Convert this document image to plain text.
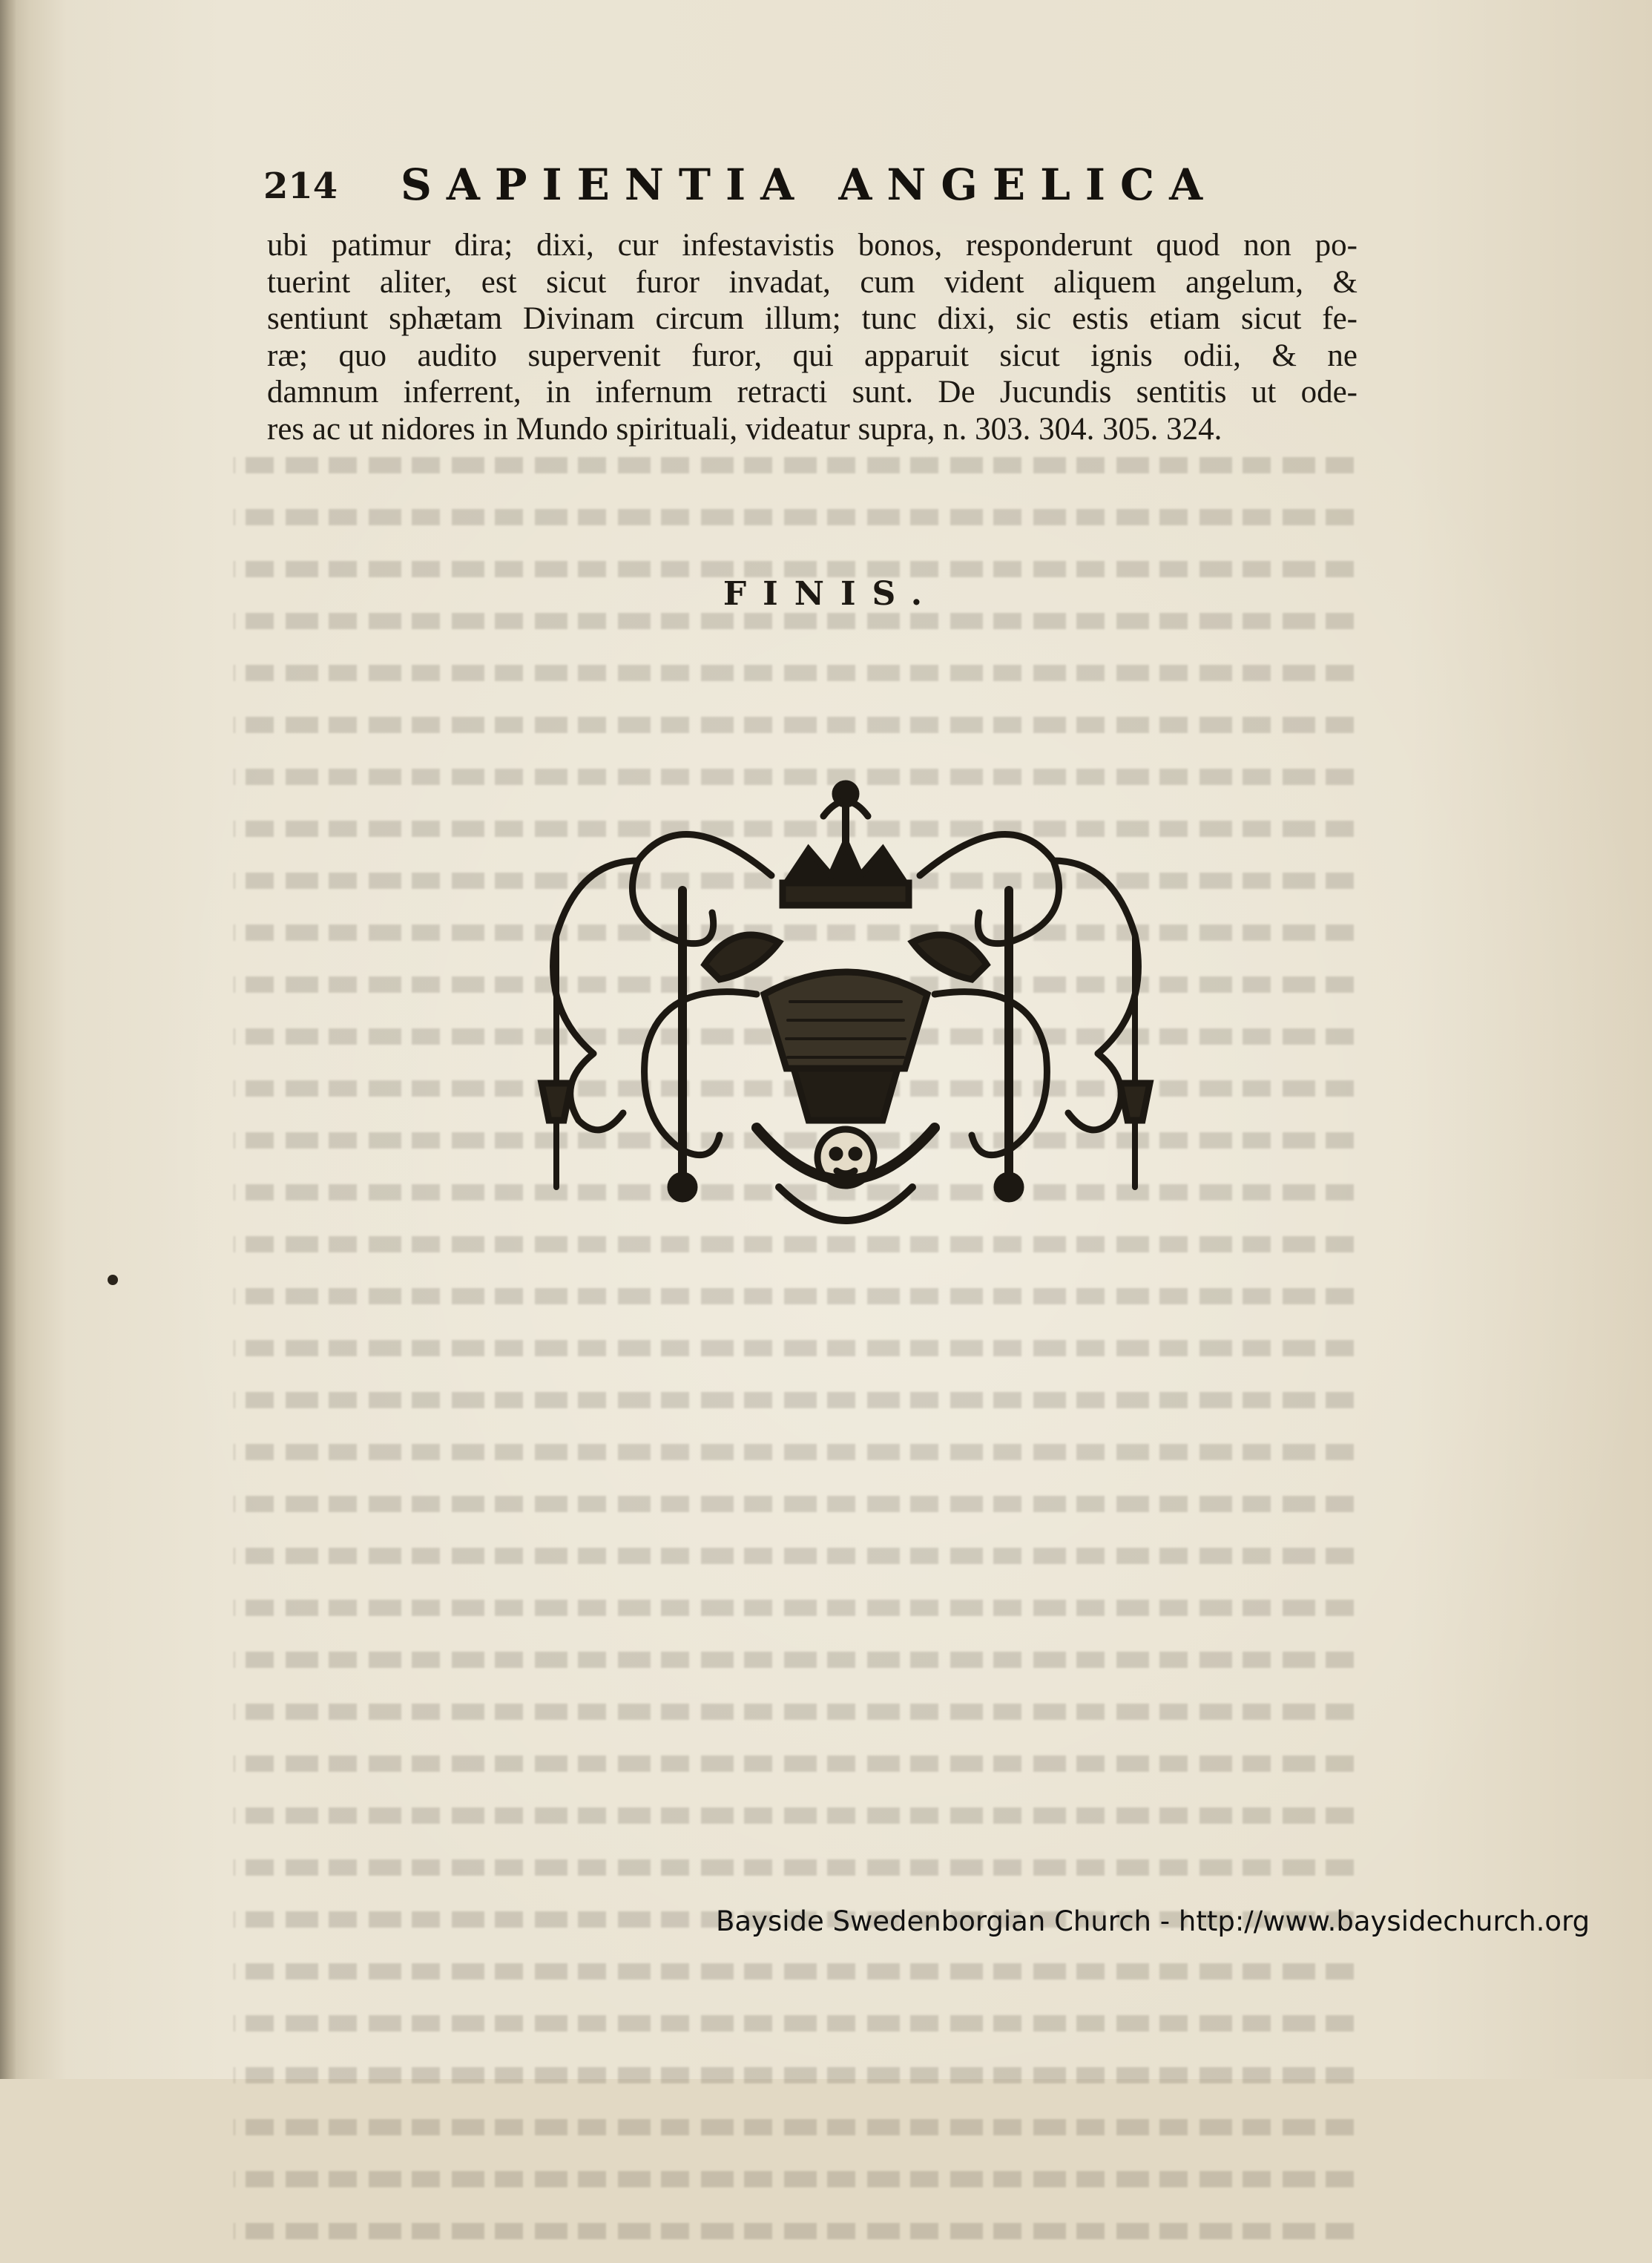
214 SAPIENTIA ANGELICA
ubi patimur dira; dixi, cur infestavistis bonos, responderunt quod non po-
tuerint aliter, est sicut furor invadat, cum vident aliquem angelum, &
sentiunt sphætam Divinam circum illum; tunc dixi, sic estis etiam sicut fe-
ræ; quo audito supervenit furor, qui apparuit sicut ignis odii, & ne
damnum inferrent, in infernum retracti sunt. De Jucundis sentitis ut ode-
res ac ut nidores in Mundo spirituali, videatur supra, n. 303. 304. 305. 324.
FINIS.
Bayside Swedenborgian Church - http://www.baysidechurch.org
